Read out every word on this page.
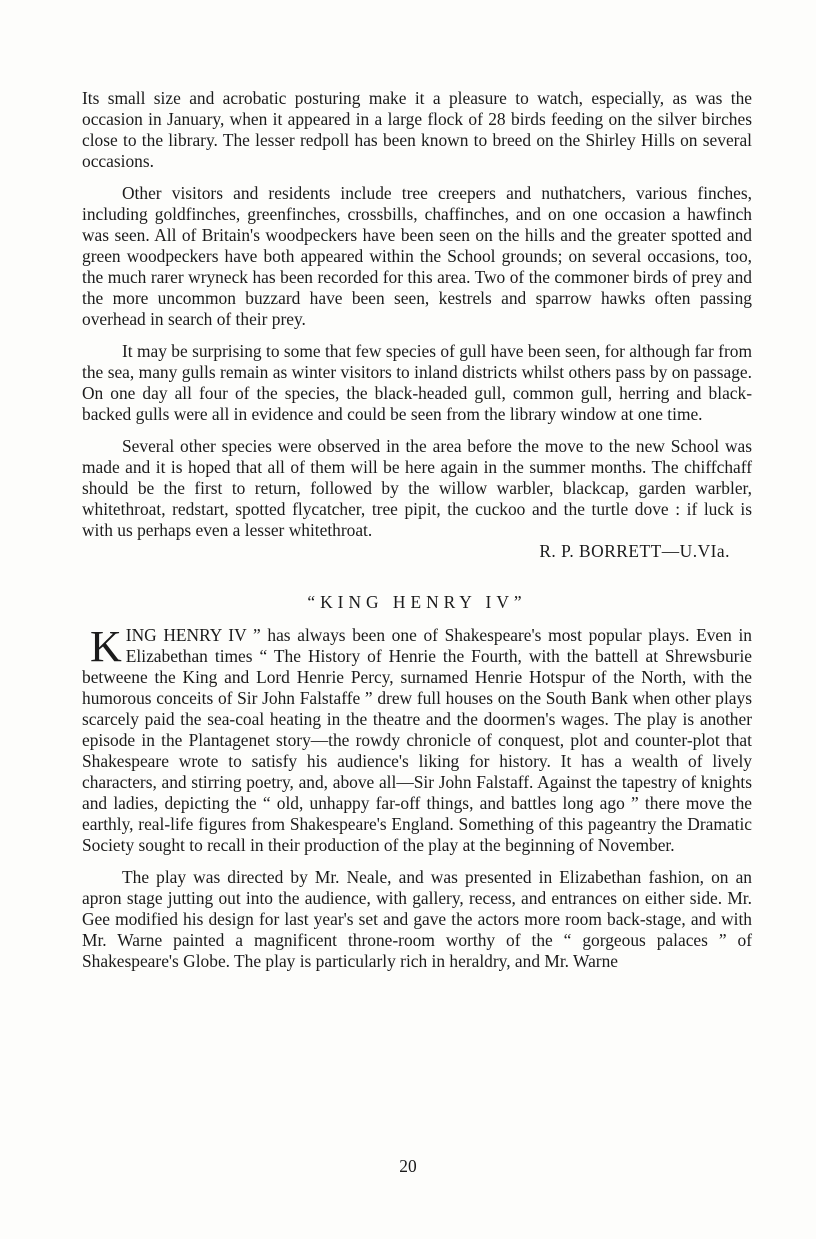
Its small size and acrobatic posturing make it a pleasure to watch, especially, as was the occasion in January, when it appeared in a large flock of 28 birds feeding on the silver birches close to the library. The lesser redpoll has been known to breed on the Shirley Hills on several occasions.

Other visitors and residents include tree creepers and nuthatchers, various finches, including goldfinches, greenfinches, crossbills, chaffinches, and on one occasion a hawfinch was seen. All of Britain's woodpeckers have been seen on the hills and the greater spotted and green woodpeckers have both appeared within the School grounds; on several occasions, too, the much rarer wryneck has been recorded for this area. Two of the commoner birds of prey and the more uncommon buzzard have been seen, kestrels and sparrow hawks often passing overhead in search of their prey.

It may be surprising to some that few species of gull have been seen, for although far from the sea, many gulls remain as winter visitors to inland districts whilst others pass by on passage. On one day all four of the species, the black-headed gull, common gull, herring and black-backed gulls were all in evidence and could be seen from the library window at one time.

Several other species were observed in the area before the move to the new School was made and it is hoped that all of them will be here again in the summer months. The chiffchaff should be the first to return, followed by the willow warbler, blackcap, garden warbler, whitethroat, redstart, spotted flycatcher, tree pipit, the cuckoo and the turtle dove : if luck is with us perhaps even a lesser whitethroat.

R. P. BORRETT—U.VIa.

“KING HENRY IV”

KING HENRY IV ” has always been one of Shakespeare's most popular plays. Even in Elizabethan times “ The History of Henrie the Fourth, with the battell at Shrewsburie betweene the King and Lord Henrie Percy, surnamed Henrie Hotspur of the North, with the humorous conceits of Sir John Falstaffe ” drew full houses on the South Bank when other plays scarcely paid the sea-coal heating in the theatre and the doormen's wages. The play is another episode in the Plantagenet story—the rowdy chronicle of conquest, plot and counter-plot that Shakespeare wrote to satisfy his audience's liking for history. It has a wealth of lively characters, and stirring poetry, and, above all—Sir John Falstaff. Against the tapestry of knights and ladies, depicting the “ old, unhappy far-off things, and battles long ago ” there move the earthly, real-life figures from Shakespeare's England. Something of this pageantry the Dramatic Society sought to recall in their production of the play at the beginning of November.

The play was directed by Mr. Neale, and was presented in Elizabethan fashion, on an apron stage jutting out into the audience, with gallery, recess, and entrances on either side. Mr. Gee modified his design for last year's set and gave the actors more room back-stage, and with Mr. Warne painted a magnificent throne-room worthy of the “ gorgeous palaces ” of Shakespeare's Globe. The play is particularly rich in heraldry, and Mr. Warne

20
